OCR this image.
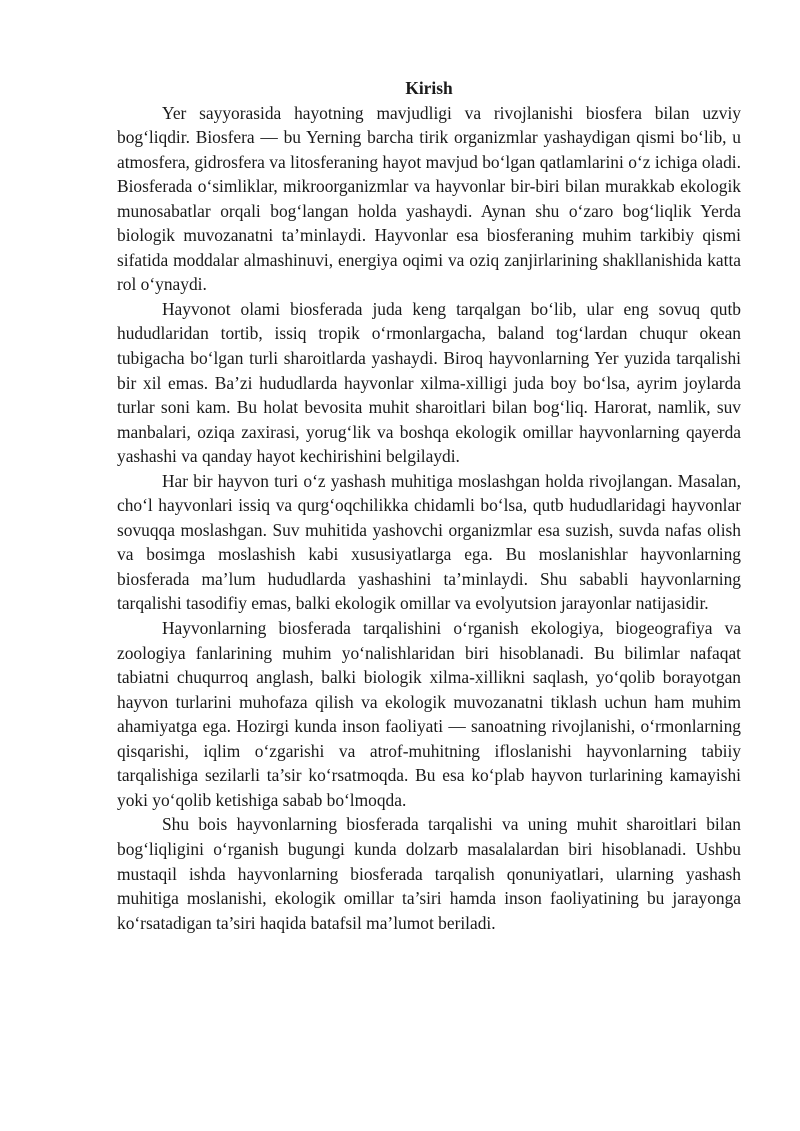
Kirish

Yer sayyorasida hayotning mavjudligi va rivojlanishi biosfera bilan uzviy bog‘liqdir. Biosfera — bu Yerning barcha tirik organizmlar yashaydigan qismi bo‘lib, u atmosfera, gidrosfera va litosferaning hayot mavjud bo‘lgan qatlamlarini o‘z ichiga oladi. Biosferada o‘simliklar, mikroorganizmlar va hayvonlar bir-biri bilan murakkab ekologik munosabatlar orqali bog‘langan holda yashaydi. Aynan shu o‘zaro bog‘liqlik Yerda biologik muvozanatni ta’minlaydi. Hayvonlar esa biosferaning muhim tarkibiy qismi sifatida moddalar almashinuvi, energiya oqimi va oziq zanjirlarining shakllanishida katta rol o‘ynaydi.

Hayvonot olami biosferada juda keng tarqalgan bo‘lib, ular eng sovuq qutb hududlaridan tortib, issiq tropik o‘rmonlargacha, baland tog‘lardan chuqur okean tubigacha bo‘lgan turli sharoitlarda yashaydi. Biroq hayvonlarning Yer yuzida tarqalishi bir xil emas. Ba’zi hududlarda hayvonlar xilma-xilligi juda boy bo‘lsa, ayrim joylarda turlar soni kam. Bu holat bevosita muhit sharoitlari bilan bog‘liq. Harorat, namlik, suv manbalari, oziqa zaxirasi, yorug‘lik va boshqa ekologik omillar hayvonlarning qayerda yashashi va qanday hayot kechirishini belgilaydi.

Har bir hayvon turi o‘z yashash muhitiga moslashgan holda rivojlangan. Masalan, cho‘l hayvonlari issiq va qurg‘oqchilikka chidamli bo‘lsa, qutb hududlaridagi hayvonlar sovuqqa moslashgan. Suv muhitida yashovchi organizmlar esa suzish, suvda nafas olish va bosimga moslashish kabi xususiyatlarga ega. Bu moslanishlar hayvonlarning biosferada ma’lum hududlarda yashashini ta’minlaydi. Shu sababli hayvonlarning tarqalishi tasodifiy emas, balki ekologik omillar va evolyutsion jarayonlar natijasidir.

Hayvonlarning biosferada tarqalishini o‘rganish ekologiya, biogeografiya va zoologiya fanlarining muhim yo‘nalishlaridan biri hisoblanadi. Bu bilimlar nafaqat tabiatni chuqurroq anglash, balki biologik xilma-xillikni saqlash, yo‘qolib borayotgan hayvon turlarini muhofaza qilish va ekologik muvozanatni tiklash uchun ham muhim ahamiyatga ega. Hozirgi kunda inson faoliyati — sanoatning rivojlanishi, o‘rmonlarning qisqarishi, iqlim o‘zgarishi va atrof-muhitning ifloslanishi hayvonlarning tabiiy tarqalishiga sezilarli ta’sir ko‘rsatmoqda. Bu esa ko‘plab hayvon turlarining kamayishi yoki yo‘qolib ketishiga sabab bo‘lmoqda.

Shu bois hayvonlarning biosferada tarqalishi va uning muhit sharoitlari bilan bog‘liqligini o‘rganish bugungi kunda dolzarb masalalardan biri hisoblanadi. Ushbu mustaqil ishda hayvonlarning biosferada tarqalish qonuniyatlari, ularning yashash muhitiga moslanishi, ekologik omillar ta’siri hamda inson faoliyatining bu jarayonga ko‘rsatadigan ta’siri haqida batafsil ma’lumot beriladi.
